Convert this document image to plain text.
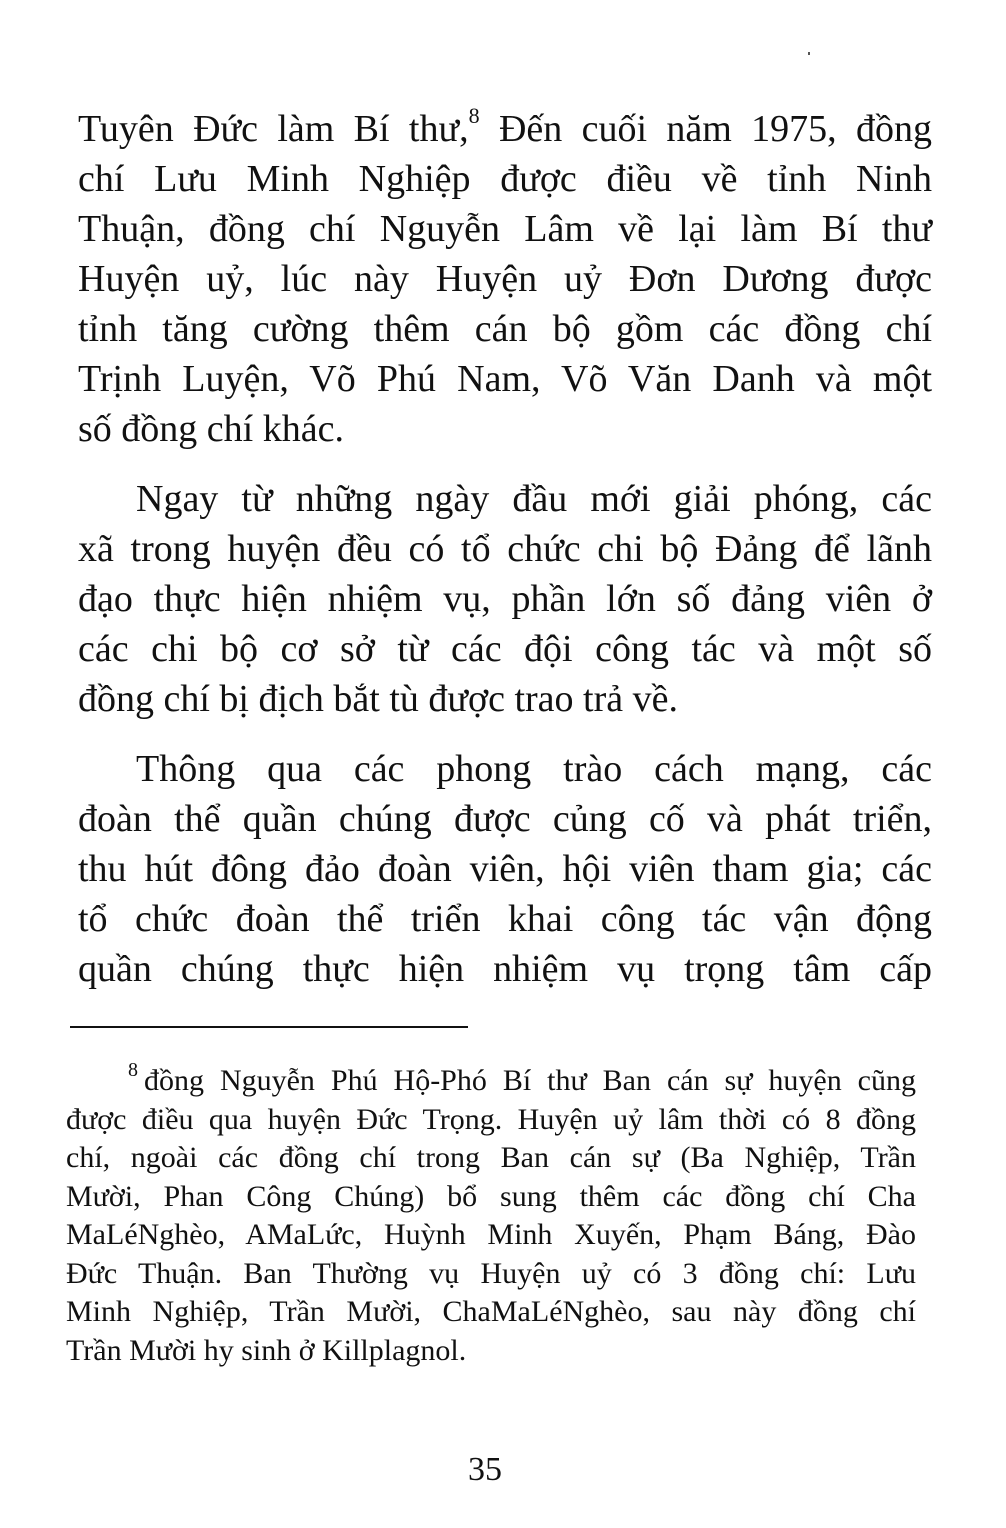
Tuyên Đức làm Bí thư,$^8$ Đến cuối năm 1975, đồng
chí Lưu Minh Nghiệp được điều về tỉnh Ninh
Thuận, đồng chí Nguyễn Lâm về lại làm Bí thư
Huyện uỷ, lúc này Huyện uỷ Đơn Dương được
tỉnh tăng cường thêm cán bộ gồm các đồng chí
Trịnh Luyện, Võ Phú Nam, Võ Văn Danh và một
số đồng chí khác.

Ngay từ những ngày đầu mới giải phóng, các
xã trong huyện đều có tổ chức chi bộ Đảng để lãnh
đạo thực hiện nhiệm vụ, phần lớn số đảng viên ở
các chi bộ cơ sở từ các đội công tác và một số
đồng chí bị địch bắt tù được trao trả về.

Thông qua các phong trào cách mạng, các
đoàn thể quần chúng được củng cố và phát triển,
thu hút đông đảo đoàn viên, hội viên tham gia; các
tổ chức đoàn thể triển khai công tác vận động
quần chúng thực hiện nhiệm vụ trọng tâm cấp

$^8$ đồng Nguyễn Phú Hộ-Phó Bí thư Ban cán sự huyện cũng
được điều qua huyện Đức Trọng. Huyện uỷ lâm thời có 8 đồng
chí, ngoài các đồng chí trong Ban cán sự (Ba Nghiệp, Trần
Mười, Phan Công Chúng) bổ sung thêm các đồng chí Cha
MaLéNghèo, AMaLức, Huỳnh Minh Xuyến, Phạm Báng, Đào
Đức Thuận. Ban Thường vụ Huyện uỷ có 3 đồng chí: Lưu
Minh Nghiệp, Trần Mười, ChaMaLéNghèo, sau này đồng chí
Trần Mười hy sinh ở Killplagnol.
35
